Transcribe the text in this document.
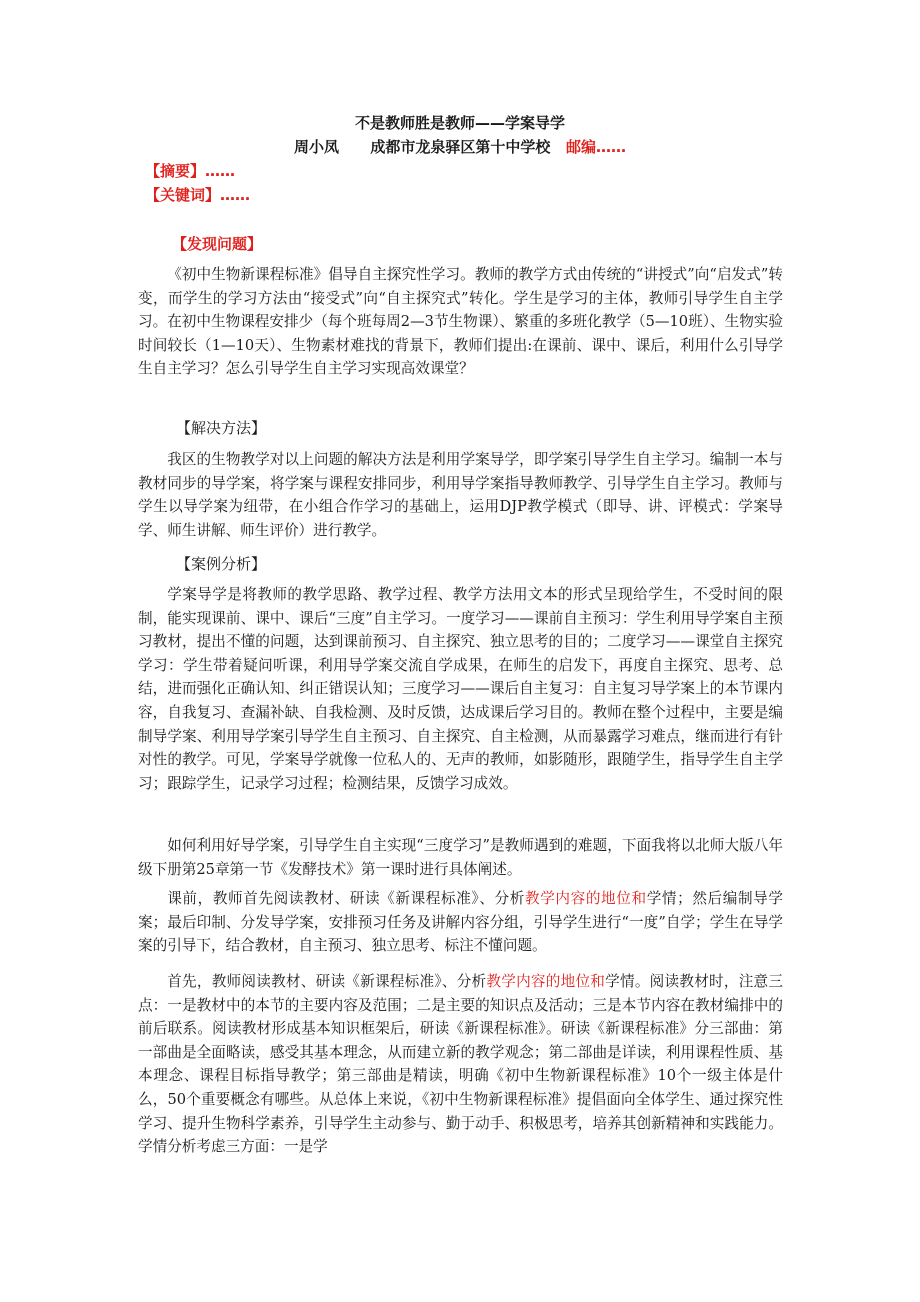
不是教师胜是教师——学案导学
周小凤 成都市龙泉驿区第十中学校 邮编……
【摘要】……
【关键词】……
【发现问题】
《初中生物新课程标准》倡导自主探究性学习。教师的教学方式由传统的“讲授式”向“启发式”转变，而学生的学习方法由“接受式”向“自主探究式”转化。学生是学习的主体，教师引导学生自主学习。在初中生物课程安排少（每个班每周2—3节生物课）、繁重的多班化教学（5—10班）、生物实验时间较长（1—10天）、生物素材难找的背景下，教师们提出:在课前、课中、课后，利用什么引导学生自主学习？怎么引导学生自主学习实现高效课堂？
【解决方法】
我区的生物教学对以上问题的解决方法是利用学案导学，即学案引导学生自主学习。编制一本与教材同步的导学案，将学案与课程安排同步，利用导学案指导教师教学、引导学生自主学习。教师与学生以导学案为纽带，在小组合作学习的基础上，运用DJP教学模式（即导、讲、评模式：学案导学、师生讲解、师生评价）进行教学。
【案例分析】
学案导学是将教师的教学思路、教学过程、教学方法用文本的形式呈现给学生，不受时间的限制，能实现课前、课中、课后“三度”自主学习。一度学习——课前自主预习：学生利用导学案自主预习教材，提出不懂的问题，达到课前预习、自主探究、独立思考的目的；二度学习——课堂自主探究学习：学生带着疑问听课，利用导学案交流自学成果，在师生的启发下，再度自主探究、思考、总结，进而强化正确认知、纠正错误认知；三度学习——课后自主复习：自主复习导学案上的本节课内容，自我复习、查漏补缺、自我检测、及时反馈，达成课后学习目的。教师在整个过程中，主要是编制导学案、利用导学案引导学生自主预习、自主探究、自主检测，从而暴露学习难点，继而进行有针对性的教学。可见，学案导学就像一位私人的、无声的教师，如影随形，跟随学生，指导学生自主学习；跟踪学生，记录学习过程；检测结果，反馈学习成效。
如何利用好导学案，引导学生自主实现“三度学习”是教师遇到的难题，下面我将以北师大版八年级下册第25章第一节《发酵技术》第一课时进行具体阐述。
课前，教师首先阅读教材、研读《新课程标准》、分析教学内容的地位和学情；然后编制导学案；最后印制、分发导学案，安排预习任务及讲解内容分组，引导学生进行“一度”自学；学生在导学案的引导下，结合教材，自主预习、独立思考、标注不懂问题。
首先，教师阅读教材、研读《新课程标准》、分析教学内容的地位和学情。阅读教材时，注意三点：一是教材中的本节的主要内容及范围；二是主要的知识点及活动；三是本节内容在教材编排中的前后联系。阅读教材形成基本知识框架后，研读《新课程标准》。研读《新课程标准》分三部曲：第一部曲是全面略读，感受其基本理念，从而建立新的教学观念；第二部曲是详读，利用课程性质、基本理念、课程目标指导教学；第三部曲是精读，明确《初中生物新课程标准》10个一级主体是什么，50个重要概念有哪些。从总体上来说，《初中生物新课程标准》提倡面向全体学生、通过探究性学习、提升生物科学素养，引导学生主动参与、勤于动手、积极思考，培养其创新精神和实践能力。学情分析考虑三方面：一是学
